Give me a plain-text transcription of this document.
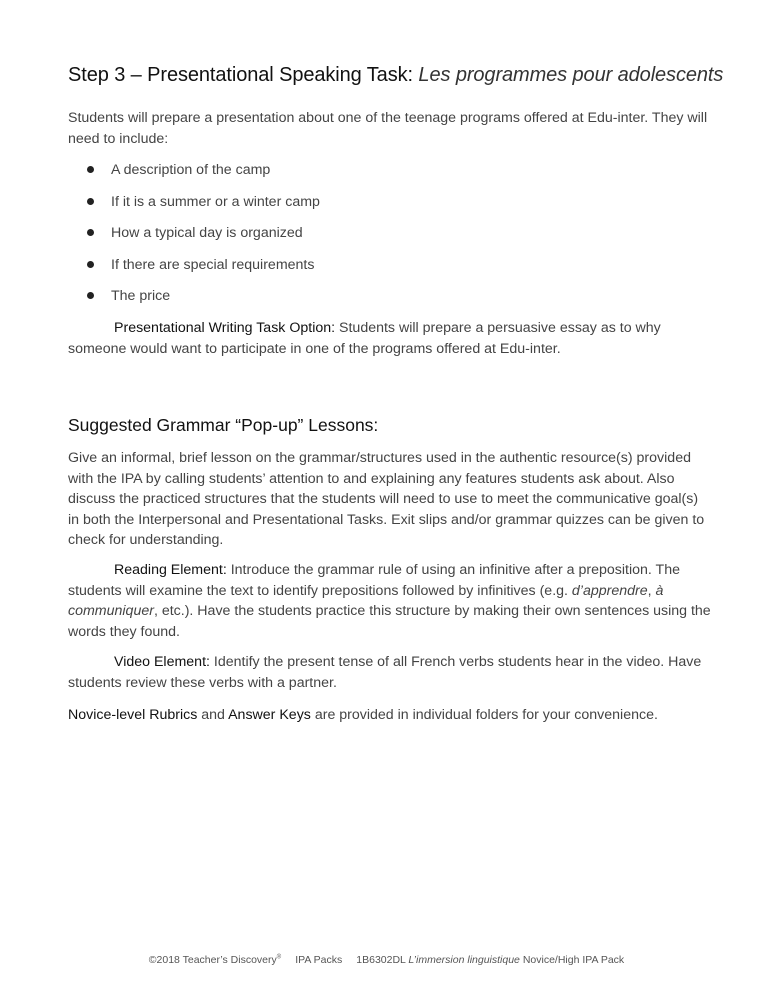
Step 3 – Presentational Speaking Task: Les programmes pour adolescents

Students will prepare a presentation about one of the teenage programs offered at Edu-inter. They will need to include:

A description of the camp
If it is a summer or a winter camp
How a typical day is organized
If there are special requirements
The price

Presentational Writing Task Option: Students will prepare a persuasive essay as to why someone would want to participate in one of the programs offered at Edu-inter.

Suggested Grammar “Pop-up” Lessons:

Give an informal, brief lesson on the grammar/structures used in the authentic resource(s) provided with the IPA by calling students’ attention to and explaining any features students ask about. Also discuss the practiced structures that the students will need to use to meet the communicative goal(s) in both the Interpersonal and Presentational Tasks. Exit slips and/or grammar quizzes can be given to check for understanding.

Reading Element: Introduce the grammar rule of using an infinitive after a preposition. The students will examine the text to identify prepositions followed by infinitives (e.g. d’apprendre, à communiquer, etc.). Have the students practice this structure by making their own sentences using the words they found.

Video Element: Identify the present tense of all French verbs students hear in the video. Have students review these verbs with a partner.

Novice-level Rubrics and Answer Keys are provided in individual folders for your convenience.

©2018 Teacher’s Discovery® IPA Packs 1B6302DL L’immersion linguistique Novice/High IPA Pack
